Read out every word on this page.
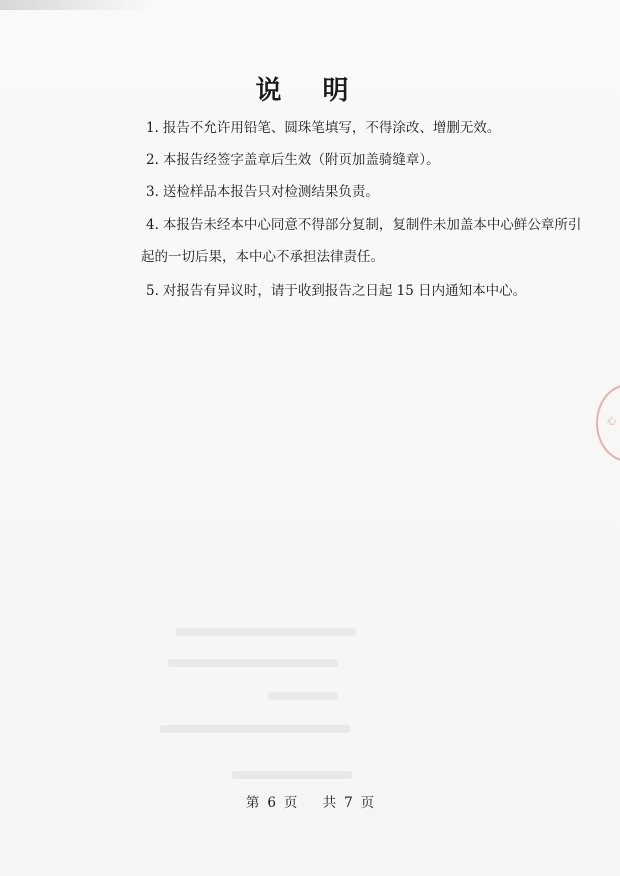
说 明
1. 报告不允许用铅笔、圆珠笔填写，不得涂改、增删无效。
2. 本报告经签字盖章后生效（附页加盖骑缝章）。
3. 送检样品本报告只对检测结果负责。
4. 本报告未经本中心同意不得部分复制，复制件未加盖本中心鲜公章所引
起的一切后果，本中心不承担法律责任。
5. 对报告有异议时，请于收到报告之日起 15 日内通知本中心。
第 6 页 共 7 页
心
